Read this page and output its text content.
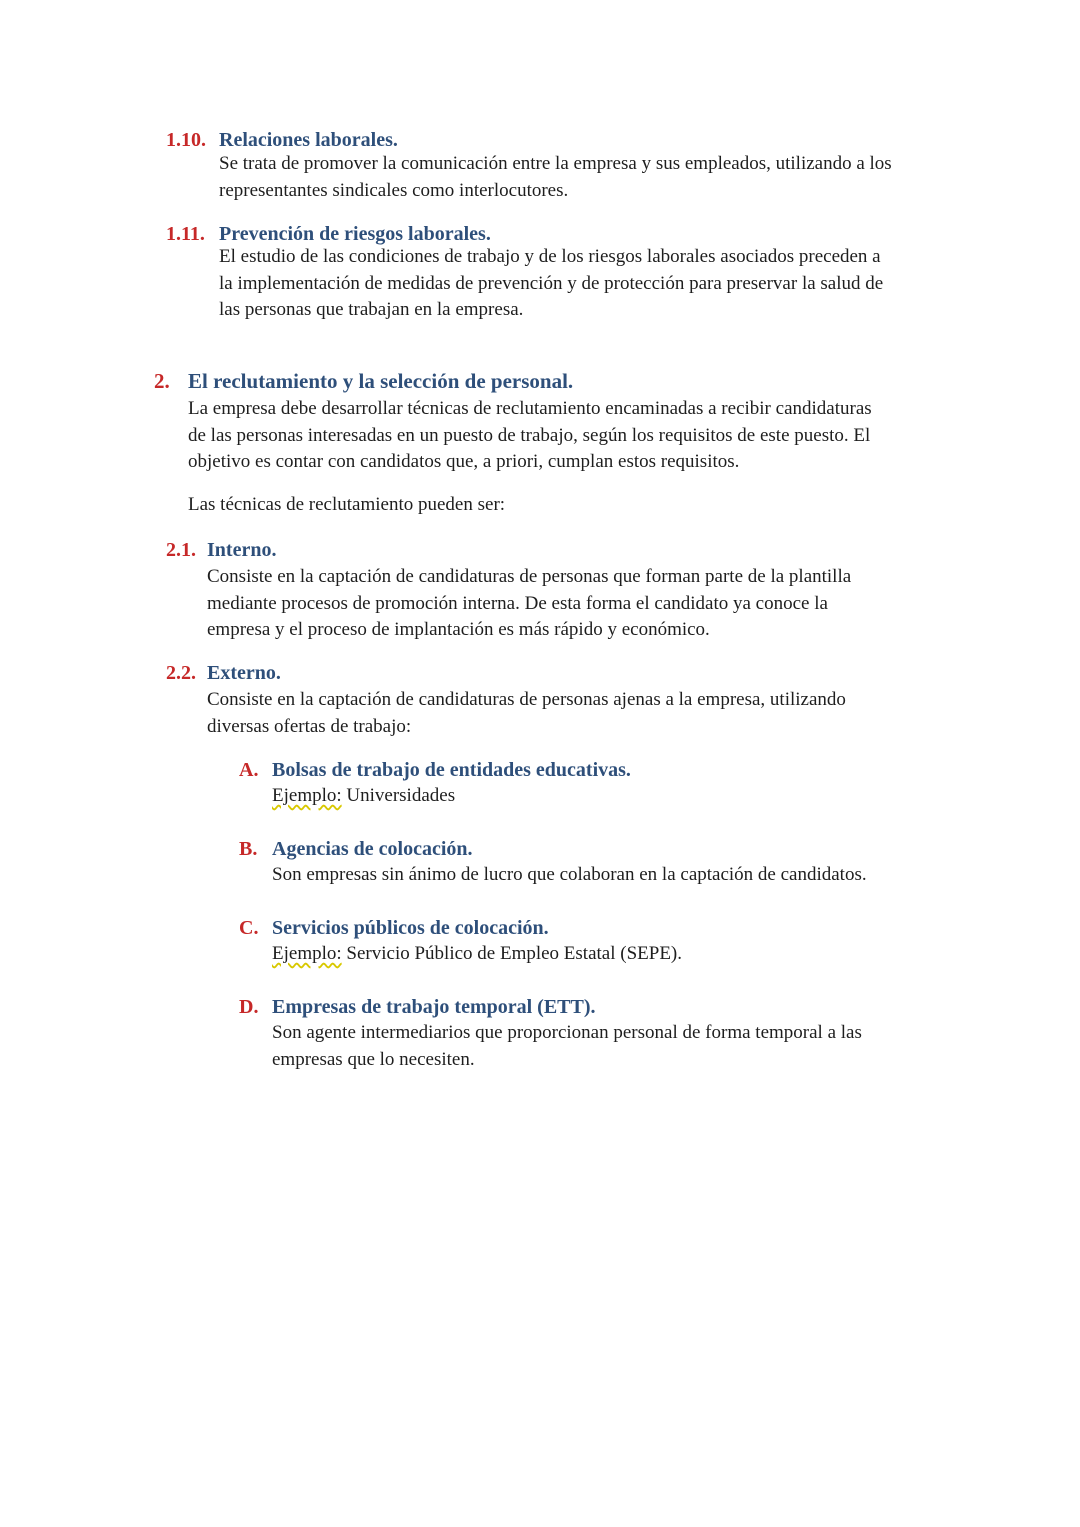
1.10. Relaciones laborales.
Se trata de promover la comunicación entre la empresa y sus empleados, utilizando a los
representantes sindicales como interlocutores.
1.11. Prevención de riesgos laborales.
El estudio de las condiciones de trabajo y de los riesgos laborales asociados preceden a
la implementación de medidas de prevención y de protección para preservar la salud de
las personas que trabajan en la empresa.
2. El reclutamiento y la selección de personal.
La empresa debe desarrollar técnicas de reclutamiento encaminadas a recibir candidaturas
de las personas interesadas en un puesto de trabajo, según los requisitos de este puesto. El
objetivo es contar con candidatos que, a priori, cumplan estos requisitos.
Las técnicas de reclutamiento pueden ser:
2.1. Interno.
Consiste en la captación de candidaturas de personas que forman parte de la plantilla
mediante procesos de promoción interna. De esta forma el candidato ya conoce la
empresa y el proceso de implantación es más rápido y económico.
2.2. Externo.
Consiste en la captación de candidaturas de personas ajenas a la empresa, utilizando
diversas ofertas de trabajo:
A. Bolsas de trabajo de entidades educativas.
Ejemplo: Universidades
B. Agencias de colocación.
Son empresas sin ánimo de lucro que colaboran en la captación de candidatos.
C. Servicios públicos de colocación.
Ejemplo: Servicio Público de Empleo Estatal (SEPE).
D. Empresas de trabajo temporal (ETT).
Son agente intermediarios que proporcionan personal de forma temporal a las
empresas que lo necesiten.
